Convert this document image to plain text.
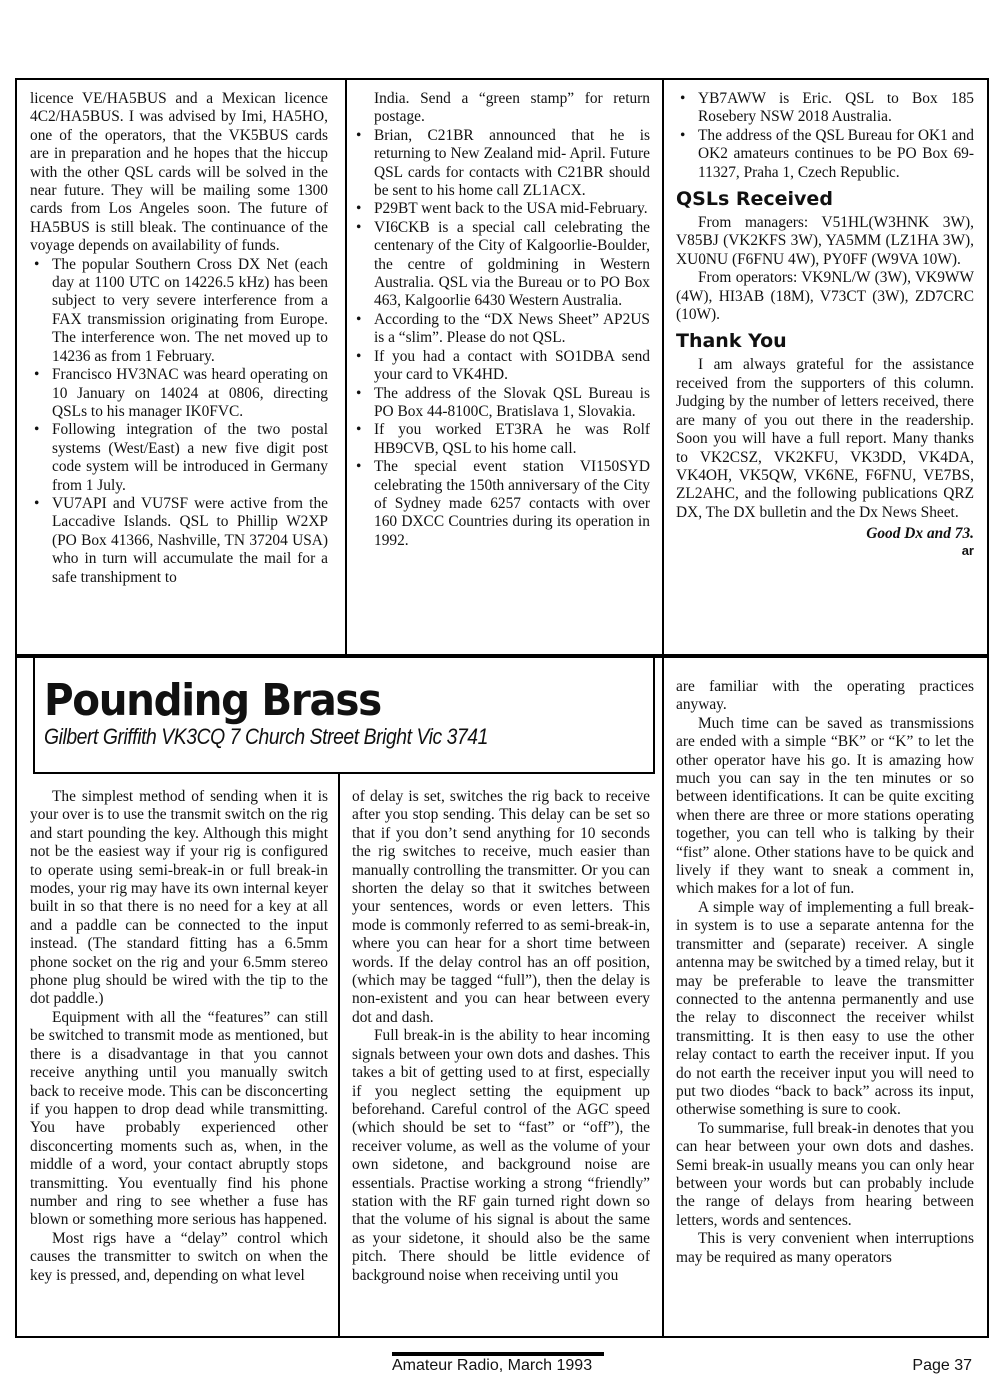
licence VE/HA5BUS and a Mexican licence 4C2/HA5BUS. I was advised by Imi, HA5HO, one of the operators, that the VK5BUS cards are in preparation and he hopes that the hiccup with the other QSL cards will be solved in the near future. They will be mailing some 1300 cards from Los Angeles soon. The future of HA5BUS is still bleak. The continuance of the voyage depends on availability of funds.

• The popular Southern Cross DX Net (each day at 1100 UTC on 14226.5 kHz) has been subject to very severe interference from a FAX transmission originating from Europe. The interference won. The net moved up to 14236 as from 1 February.
• Francisco HV3NAC was heard operating on 10 January on 14024 at 0806, directing QSLs to his manager IK0FVC.
• Following integration of the two postal systems (West/East) a new five digit post code system will be introduced in Germany from 1 July.
• VU7API and VU7SF were active from the Laccadive Islands. QSL to Phillip W2XP (PO Box 41366, Nashville, TN 37204 USA) who in turn will accumulate the mail for a safe transhipment to

India. Send a “green stamp” for return postage.

• Brian, C21BR announced that he is returning to New Zealand mid- April. Future QSL cards for contacts with C21BR should be sent to his home call ZL1ACX.
• P29BT went back to the USA mid-February.
• VI6CKB is a special call celebrating the centenary of the City of Kalgoorlie-Boulder, the centre of goldmining in Western Australia. QSL via the Bureau or to PO Box 463, Kalgoorlie 6430 Western Australia.
• According to the “DX News Sheet” AP2US is a “slim”. Please do not QSL.
• If you had a contact with SO1DBA send your card to VK4HD.
• The address of the Slovak QSL Bureau is PO Box 44-8100C, Bratislava 1, Slovakia.
• If you worked ET3RA he was Rolf HB9CVB, QSL to his home call.
• The special event station VI150SYD celebrating the 150th anniversary of the City of Sydney made 6257 contacts with over 160 DXCC Countries during its operation in 1992.
• YB7AWW is Eric. QSL to Box 185 Rosebery NSW 2018 Australia.
• The address of the QSL Bureau for OK1 and OK2 amateurs continues to be PO Box 69-11327, Praha 1, Czech Republic.
QSLs Received

From managers: V51HL(W3HNK 3W), V85BJ (VK2KFS 3W), YA5MM (LZ1HA 3W), XU0NU (F6FNU 4W), PY0FF (W9VA 10W).

From operators: VK9NL/W (3W), VK9WW (4W), HI3AB (18M), V73CT (3W), ZD7CRC (10W).

Thank You

I am always grateful for the assistance received from the supporters of this column. Judging by the number of letters received, there are many of you out there in the readership. Soon you will have a full report. Many thanks to VK2CSZ, VK2KFU, VK3DD, VK4DA, VK4OH, VK5QW, VK6NE, F6FNU, VE7BS, ZL2AHC, and the following publications QRZ DX, The DX bulletin and the Dx News Sheet.

Good Dx and 73.
ar
Pounding Brass
Gilbert Griffith VK3CQ 7 Church Street Bright Vic 3741

The simplest method of sending when it is your over is to use the transmit switch on the rig and start pounding the key. Although this might not be the easiest way if your rig is configured to operate using semi-break-in or full break-in modes, your rig may have its own internal keyer built in so that there is no need for a key at all and a paddle can be connected to the input instead. (The standard fitting has a 6.5mm phone socket on the rig and your 6.5mm stereo phone plug should be wired with the tip to the dot paddle.)

Equipment with all the “features” can still be switched to transmit mode as mentioned, but there is a disadvantage in that you cannot receive anything until you manually switch back to receive mode. This can be disconcerting if you happen to drop dead while transmitting. You have probably experienced other disconcerting moments such as, when, in the middle of a word, your contact abruptly stops transmitting. You eventually find his phone number and ring to see whether a fuse has blown or something more serious has happened.

Most rigs have a “delay” control which causes the transmitter to switch on when the key is pressed, and, depending on what level

of delay is set, switches the rig back to receive after you stop sending. This delay can be set so that if you don’t send anything for 10 seconds the rig switches to receive, much easier than manually controlling the transmitter. Or you can shorten the delay so that it switches between your sentences, words or even letters. This mode is commonly referred to as semi-break-in, where you can hear for a short time between words. If the delay control has an off position, (which may be tagged “full”), then the delay is non-existent and you can hear between every dot and dash.

Full break-in is the ability to hear incoming signals between your own dots and dashes. This takes a bit of getting used to at first, especially if you neglect setting the equipment up beforehand. Careful control of the AGC speed (which should be set to “fast” or “off”), the receiver volume, as well as the volume of your own sidetone, and background noise are essentials. Practise working a strong “friendly” station with the RF gain turned right down so that the volume of his signal is about the same as your sidetone, it should also be the same pitch. There should be little evidence of background noise when receiving until you

are familiar with the operating practices anyway.

Much time can be saved as transmissions are ended with a simple “BK” or “K” to let the other operator have his go. It is amazing how much you can say in the ten minutes or so between identifications. It can be quite exciting when there are three or more stations operating together, you can tell who is talking by their “fist” alone. Other stations have to be quick and lively if they want to sneak a comment in, which makes for a lot of fun.

A simple way of implementing a full break-in system is to use a separate antenna for the transmitter and (separate) receiver. A single antenna may be switched by a timed relay, but it may be preferable to leave the transmitter connected to the antenna permanently and use the relay to disconnect the receiver whilst transmitting. It is then easy to use the other relay contact to earth the receiver input. If you do not earth the receiver input you will need to put two diodes “back to back” across its input, otherwise something is sure to cook.

To summarise, full break-in denotes that you can hear between your own dots and dashes. Semi break-in usually means you can only hear between your words but can probably include the range of delays from hearing between letters, words and sentences.

This is very convenient when interruptions may be required as many operators

Amateur Radio, March 1993	Page 37
